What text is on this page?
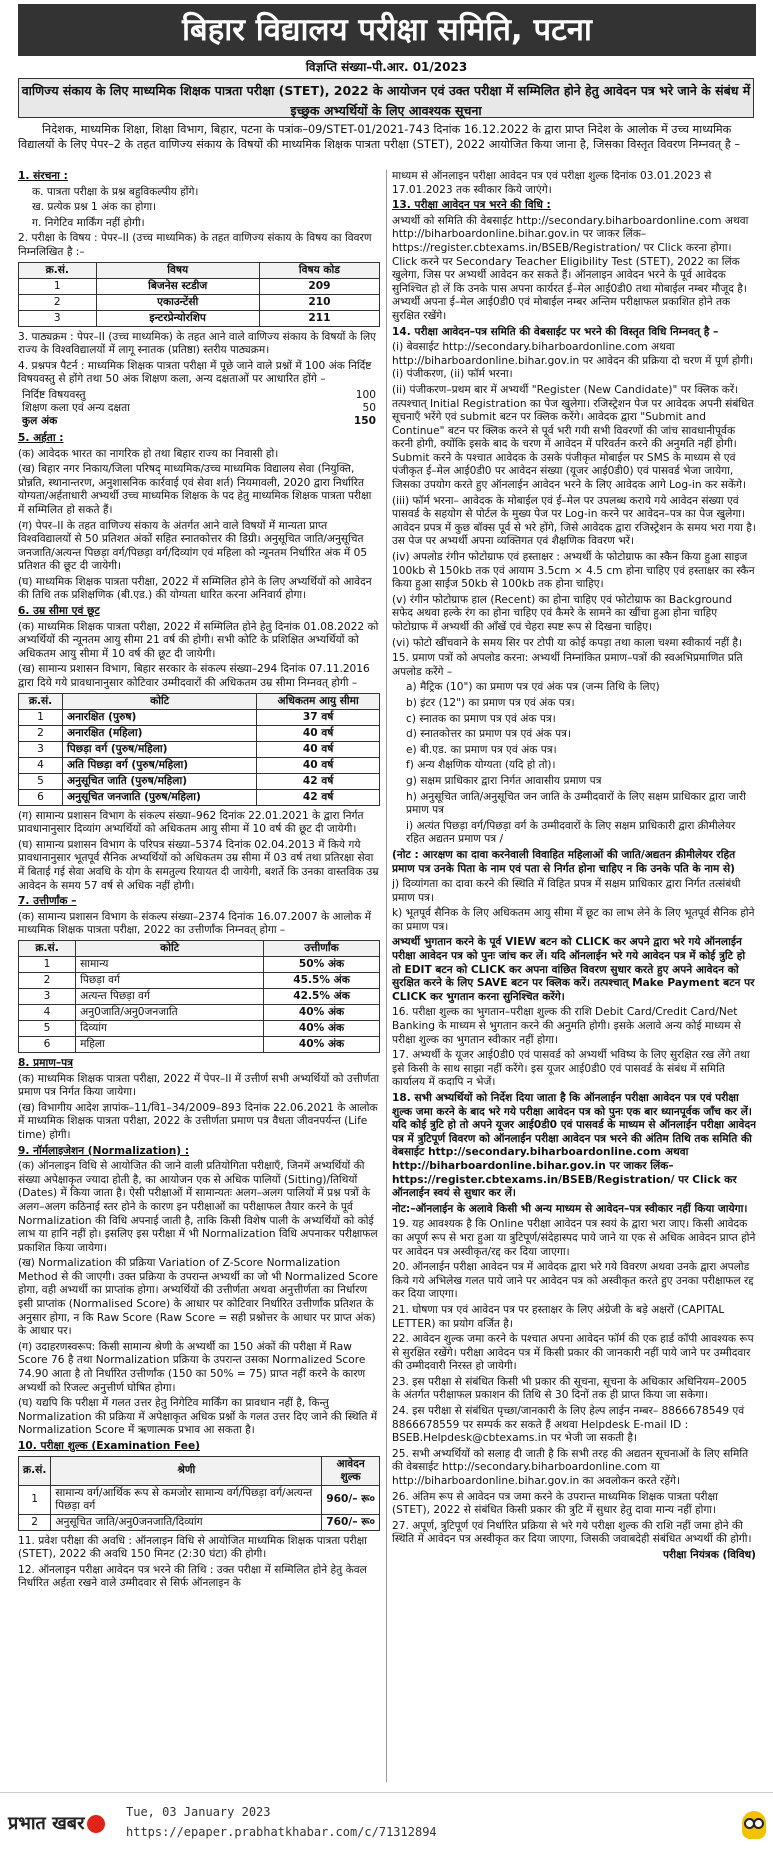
बिहार विद्यालय परीक्षा समिति, पटना
विज्ञप्ति संख्या–पी.आर. 01/2023
वाणिज्य संकाय के लिए माध्यमिक शिक्षक पात्रता परीक्षा (STET), 2022 के आयोजन एवं उक्त परीक्षा में सम्मिलित होने हेतु आवेदन पत्र भरे जाने के संबंध में इच्छुक अभ्यर्थियों के लिए आवश्यक सूचना
निदेशक, माध्यमिक शिक्षा, शिक्षा विभाग, बिहार, पटना के पत्रांक–09/STET-01/2021-743 दिनांक 16.12.2022 के द्वारा प्राप्त निदेश के आलोक में उच्च माध्यमिक विद्यालयों के लिए पेपर–2 के तहत वाणिज्य संकाय के विषयों की माध्यमिक शिक्षक पात्रता परीक्षा (STET), 2022 आयोजित किया जाना है, जिसका विस्तृत विवरण निम्नवत् है –
1. संरचना :
क. पात्रता परीक्षा के प्रश्न बहुविकल्पीय होंगे।
ख. प्रत्येक प्रश्न 1 अंक का होगा।
ग. निगेटिव मार्किंग नहीं होगी।
2. परीक्षा के विषय : पेपर–II (उच्च माध्यमिक) के तहत वाणिज्य संकाय के विषय का विवरण निम्नलिखित है :–
क्र.सं.	विषय	विषय कोड
1	बिजनेस स्टडीज	209
2	एकाउन्टेंसी	210
3	इन्टरप्रेन्योरशिप	211
3. पाठ्यक्रम : पेपर–II (उच्च माध्यमिक) के तहत आने वाले वाणिज्य संकाय के विषयों के लिए राज्य के विश्वविद्यालयों में लागू स्नातक (प्रतिष्ठा) स्तरीय पाठ्यक्रम।
4. प्रश्नपत्र पैटर्न : माध्यमिक शिक्षक पात्रता परीक्षा में पूछे जाने वाले प्रश्नों में 100 अंक निर्दिष्ट विषयवस्तु से होंगे तथा 50 अंक शिक्षण कला, अन्य दक्षताओं पर आधारित होंगे –
निर्दिष्ट विषयवस्तु	100
शिक्षण कला एवं अन्य दक्षता	50
कुल अंक	150
5. अर्हता :
(क) आवेदक भारत का नागरिक हो तथा बिहार राज्य का निवासी हो।
(ख) बिहार नगर निकाय/जिला परिषद् माध्यमिक/उच्च माध्यमिक विद्यालय सेवा (नियुक्ति, प्रोन्नति, स्थानान्तरण, अनुशासनिक कार्रवाई एवं सेवा शर्त) नियमावली, 2020 द्वारा निर्धारित योग्यता/अर्हताधारी अभ्यर्थी उच्च माध्यमिक शिक्षक के पद हेतु माध्यमिक शिक्षक पात्रता परीक्षा में सम्मिलित हो सकते हैं।
(ग) पेपर–II के तहत वाणिज्य संकाय के अंतर्गत आने वाले विषयों में मान्यता प्राप्त विश्वविद्यालयों से 50 प्रतिशत अंकों सहित स्नातकोत्तर की डिग्री। अनुसूचित जाति/अनुसूचित जनजाति/अत्यन्त पिछड़ा वर्ग/पिछड़ा वर्ग/दिव्यांग एवं महिला को न्यूनतम निर्धारित अंक में 05 प्रतिशत की छूट दी जायेगी।
(घ) माध्यमिक शिक्षक पात्रता परीक्षा, 2022 में सम्मिलित होने के लिए अभ्यर्थियों को आवेदन की तिथि तक प्रशिक्षणिक (बी.एड.) की योग्यता धारित करना अनिवार्य होगा।
6. उम्र सीमा एवं छूट
(क) माध्यमिक शिक्षक पात्रता परीक्षा, 2022 में सम्मिलित होने हेतु दिनांक 01.08.2022 को अभ्यर्थियों की न्यूनतम आयु सीमा 21 वर्ष की होगी। सभी कोटि के प्रशिक्षित अभ्यर्थियों को अधिकतम आयु सीमा में 10 वर्ष की छूट दी जायेगी।
(ख) सामान्य प्रशासन विभाग, बिहार सरकार के संकल्प संख्या–294 दिनांक 07.11.2016 द्वारा दिये गये प्रावधानानुसार कोटिवार उम्मीदवारों की अधिकतम उम्र सीमा निम्नवत् होगी –
क्र.सं.	कोटि	अधिकतम आयु सीमा
1	अनारक्षित (पुरुष)	37 वर्ष
2	अनारक्षित (महिला)	40 वर्ष
3	पिछड़ा वर्ग (पुरुष/महिला)	40 वर्ष
4	अति पिछड़ा वर्ग (पुरुष/महिला)	40 वर्ष
5	अनुसूचित जाति (पुरुष/महिला)	42 वर्ष
6	अनुसूचित जनजाति (पुरुष/महिला)	42 वर्ष
(ग) सामान्य प्रशासन विभाग के संकल्प संख्या–962 दिनांक 22.01.2021 के द्वारा निर्गत प्रावधानानुसार दिव्यांग अभ्यर्थियों को अधिकतम आयु सीमा में 10 वर्ष की छूट दी जायेगी।
(घ) सामान्य प्रशासन विभाग के परिपत्र संख्या–5374 दिनांक 02.04.2013 में किये गये प्रावधानानुसार भूतपूर्व सैनिक अभ्यर्थियों को अधिकतम उम्र सीमा में 03 वर्ष तथा प्रतिरक्षा सेवा में बिताई गई सेवा अवधि के योग के समतुल्य रियायत दी जायेगी, बशर्ते कि उनका वास्तविक उम्र आवेदन के समय 57 वर्ष से अधिक नहीं होगी।
7. उत्तीर्णांक –
(क) सामान्य प्रशासन विभाग के संकल्प संख्या–2374 दिनांक 16.07.2007 के आलोक में माध्यमिक शिक्षक पात्रता परीक्षा, 2022 का उत्तीर्णांक निम्नवत् होगा –
क्र.सं.	कोटि	उत्तीर्णांक
1	सामान्य	50% अंक
2	पिछड़ा वर्ग	45.5% अंक
3	अत्यन्त पिछड़ा वर्ग	42.5% अंक
4	अनु0जाति/अनु0जनजाति	40% अंक
5	दिव्यांग	40% अंक
6	महिला	40% अंक
8. प्रमाण–पत्र
(क) माध्यमिक शिक्षक पात्रता परीक्षा, 2022 में पेपर–II में उत्तीर्ण सभी अभ्यर्थियों को उत्तीर्णता प्रमाण पत्र निर्गत किया जायेगा।
(ख) विभागीय आदेश ज्ञापांक–11/वि1–34/2009–893 दिनांक 22.06.2021 के आलोक में माध्यमिक शिक्षक पात्रता परीक्षा, 2022 के उत्तीर्णता प्रमाण पत्र वैधता जीवनपर्यन्त (Life time) होगी।
9. नॉर्मलाइजेशन (Normalization) :
(क) ऑनलाइन विधि से आयोजित की जाने वाली प्रतियोगिता परीक्षाएँ, जिनमें अभ्यर्थियों की संख्या अपेक्षाकृत ज्यादा होती है, का आयोजन एक से अधिक पालियों (Sitting)/तिथियों (Dates) में किया जाता है। ऐसी परीक्षाओं में सामान्यतः अलग–अलग पालियों में प्रश्न पत्रों के अलग–अलग कठिनाई स्तर होने के कारण इन परीक्षाओं का परीक्षाफल तैयार करने के पूर्व Normalization की विधि अपनाई जाती है, ताकि किसी विशेष पाली के अभ्यर्थियों को कोई लाभ या हानि नहीं हो। इसलिए इस परीक्षा में भी Normalization विधि अपनाकर परीक्षाफल प्रकाशित किया जायेगा।
(ख) Normalization की प्रक्रिया Variation of Z-Score Normalization Method से की जाएगी। उक्त प्रक्रिया के उपरान्त अभ्यर्थी का जो भी Normalized Score होगा, वही अभ्यर्थी का प्राप्तांक होगा। अभ्यर्थियों की उत्तीर्णता अथवा अनुत्तीर्णता का निर्धारण इसी प्राप्तांक (Normalised Score) के आधार पर कोटिवार निर्धारित उत्तीर्णांक प्रतिशत के अनुसार होगा, न कि Raw Score (Raw Score = सही प्रश्नोत्तर के आधार पर प्राप्त अंक) के आधार पर।
(ग) उदाहरणस्वरूप: किसी सामान्य श्रेणी के अभ्यर्थी का 150 अंकों की परीक्षा में Raw Score 76 है तथा Normalization प्रक्रिया के उपरान्त उसका Normalized Score 74.90 आता है तो निर्धारित उत्तीर्णांक (150 का 50% = 75) प्राप्त नहीं करने के कारण अभ्यर्थी को रिजल्ट अनुत्तीर्ण घोषित होगा।
(घ) यद्यपि कि परीक्षा में गलत उत्तर हेतु निगेटिव मार्किंग का प्रावधान नहीं है, किन्तु Normalization की प्रक्रिया में अपेक्षाकृत अधिक प्रश्नों के गलत उत्तर दिए जाने की स्थिति में Normalization Score में ऋणात्मक प्रभाव आ सकता है।
10. परीक्षा शुल्क (Examination Fee)
क्र.सं.	श्रेणी	आवेदन शुल्क
1	सामान्य वर्ग/आर्थिक रूप से कमजोर सामान्य वर्ग/पिछड़ा वर्ग/अत्यन्त पिछड़ा वर्ग	960/– रू०
2	अनुसूचित जाति/अनु0जनजाति/दिव्यांग	760/– रू०
11. प्रवेश परीक्षा की अवधि : ऑनलाइन विधि से आयोजित माध्यमिक शिक्षक पात्रता परीक्षा (STET), 2022 की अवधि 150 मिनट (2:30 घंटा) की होगी।
12. ऑनलाइन परीक्षा आवेदन पत्र भरने की तिथि : उक्त परीक्षा में सम्मिलित होने हेतु केवल निर्धारित अर्हता रखने वाले उम्मीदवार से सिर्फ ऑनलाइन के
माध्यम से ऑनलाइन परीक्षा आवेदन पत्र एवं परीक्षा शुल्क दिनांक 03.01.2023 से 17.01.2023 तक स्वीकार किये जाएंगे।
13. परीक्षा आवेदन पत्र भरने की विधि :
अभ्यर्थी को समिति की वेबसाईट http://secondary.biharboardonline.com अथवा http://biharboardonline.bihar.gov.in पर जाकर लिंक– https://register.cbtexams.in/BSEB/Registration/ पर Click करना होगा। Click करने पर Secondary Teacher Eligibility Test (STET), 2022 का लिंक खुलेगा, जिस पर अभ्यर्थी आवेदन कर सकते हैं। ऑनलाइन आवेदन भरने के पूर्व आवेदक सुनिश्चित हो लें कि उनके पास अपना कार्यरत ई–मेल आई0डी0 तथा मोबाईल नम्बर मौजूद है। अभ्यर्थी अपना ई–मेल आई0डी0 एवं मोबाईल नम्बर अन्तिम परीक्षाफल प्रकाशित होने तक सुरक्षित रखेंगे।
14. परीक्षा आवेदन–पत्र समिति की वेबसाईट पर भरने की विस्तृत विधि निम्नवत् है –
(i) बेवसाईट http://secondary.biharboardonline.com अथवा http://biharboardonline.bihar.gov.in पर आवेदन की प्रक्रिया दो चरण में पूर्ण होगी। (i) पंजीकरण, (ii) फॉर्म भरना।
(ii) पंजीकरण–प्रथम बार में अभ्यर्थी "Register (New Candidate)" पर क्लिक करें। तत्पश्चात् Initial Registration का पेज खुलेगा। रजिस्ट्रेशन पेज पर आवेदक अपनी संबंधित सूचनाएँ भरेंगे एवं submit बटन पर क्लिक करेंगे। आवेदक द्वारा "Submit and Continue" बटन पर क्लिक करने से पूर्व भरी गयी सभी विवरणों की जांच सावधानीपूर्वक करनी होगी, क्योंकि इसके बाद के चरण में आवेदन में परिवर्तन करने की अनुमति नहीं होगी। Submit करने के पश्चात आवेदक के उसके पंजीकृत मोबाईल पर SMS के माध्यम से एवं पंजीकृत ई–मेल आई0डी0 पर आवेदन संख्या (यूजर आई0डी0) एवं पासवर्ड भेजा जायेगा, जिसका उपयोग करते हुए ऑनलाईन आवेदन भरने के लिए आवेदक आगे Log-in कर सकेंगे।
(iii) फॉर्म भरना– आवेदक के मोबाईल एवं ई–मेल पर उपलब्ध कराये गये आवेदन संख्या एवं पासवर्ड के सहयोग से पोर्टल के मुख्य पेज पर Log-in करने पर आवेदन–पत्र का पेज खुलेगा। आवेदन प्रपत्र में कुछ बॉक्स पूर्व से भरे होंगे, जिसे आवेदक द्वारा रजिस्ट्रेशन के समय भरा गया है। उस पेज पर अभ्यर्थी अपना व्यक्तिगत एवं शैक्षणिक विवरण भरें।
(iv) अपलोड रंगीन फोटोग्राफ एवं हस्ताक्षर : अभ्यर्थी के फोटोग्राफ का स्कैन किया हुआ साइज 100kb से 150kb तक एवं आयाम 3.5cm × 4.5 cm होना चाहिए एवं हस्ताक्षर का स्कैन किया हुआ साईज 50kb से 100kb तक होना चाहिए।
(v) रंगीन फोटोग्राफ हाल (Recent) का होना चाहिए एवं फोटोग्राफ का Background सफेद अथवा हल्के रंग का होना चाहिए एवं कैमरे के सामने का खींचा हुआ होना चाहिए फोटोग्राफ में अभ्यर्थी की आँखें एवं चेहरा स्पष्ट रूप से दिखना चाहिए।
(vi) फोटो खींचवाने के समय सिर पर टोपी या कोई कपड़ा तथा काला चश्मा स्वीकार्य नहीं है।
15. प्रमाण पत्रों को अपलोड करना: अभ्यर्थी निम्नांकित प्रमाण–पत्रों की स्वअभिप्रमाणित प्रति अपलोड करेंगे –
a) मैट्रिक (10") का प्रमाण पत्र एवं अंक पत्र (जन्म तिथि के लिए)
b) इंटर (12") का प्रमाण पत्र एवं अंक पत्र।
c) स्नातक का प्रमाण पत्र एवं अंक पत्र।
d) स्नातकोत्तर का प्रमाण पत्र एवं अंक पत्र।
e) बी.एड. का प्रमाण पत्र एवं अंक पत्र।
f) अन्य शैक्षणिक योग्यता (यदि हो तो)।
g) सक्षम प्राधिकार द्वारा निर्गत आवासीय प्रमाण पत्र
h) अनुसूचित जाति/अनुसूचित जन जाति के उम्मीदवारों के लिए सक्षम प्राधिकार द्वारा जारी प्रमाण पत्र
i) अत्यंत पिछड़ा वर्ग/पिछड़ा वर्ग के उम्मीदवारों के लिए सक्षम प्राधिकारी द्वारा क्रीमीलेयर रहित अद्यतन प्रमाण पत्र /
(नोट : आरक्षण का दावा करनेवाली विवाहित महिलाओं की जाति/अद्यतन क्रीमीलेयर रहित प्रमाण पत्र उनके पिता के नाम एवं पता से निर्गत होना चाहिए न कि उनके पति के नाम से)
j) दिव्यांगता का दावा करने की स्थिति में विहित प्रपत्र में सक्षम प्राधिकार द्वारा निर्गत तत्संबंधी प्रमाण पत्र।
k) भूतपूर्व सैनिक के लिए अधिकतम आयु सीमा में छूट का लाभ लेने के लिए भूतपूर्व सैनिक होने का प्रमाण पत्र।
अभ्यर्थी भुगतान करने के पूर्व VIEW बटन को CLICK कर अपने द्वारा भरे गये ऑनलाईन परीक्षा आवेदन पत्र को पुनः जांच कर लें। यदि ऑनलाईन भरे गये आवेदन पत्र में कोई त्रुटि हो तो EDIT बटन को CLICK कर अपना वांछित विवरण सुधार करते हुए अपने आवेदन को सुरक्षित करने के लिए SAVE बटन पर क्लिक करें। तत्पश्चात् Make Payment बटन पर CLICK कर भुगतान करना सुनिश्चित करेंगे।
16. परीक्षा शुल्क का भुगतान–परीक्षा शुल्क की राशि Debit Card/Credit Card/Net Banking के माध्यम से भुगतान करने की अनुमति होगी। इसके अलावे अन्य कोई माध्यम से परीक्षा शुल्क का भुगतान स्वीकार नहीं होगा।
17. अभ्यर्थी के यूजर आई0डी0 एवं पासवर्ड को अभ्यर्थी भविष्य के लिए सुरक्षित रख लेंगे तथा इसे किसी के साथ साझा नहीं करेंगे। इस यूजर आई0डी0 एवं पासवर्ड के संबंध में समिति कार्यालय में कदापि न भेजें।
18. सभी अभ्यर्थियों को निर्देश दिया जाता है कि ऑनलाईन परीक्षा आवेदन पत्र एवं परीक्षा शुल्क जमा करने के बाद भरे गये परीक्षा आवेदन पत्र को पुनः एक बार ध्यानपूर्वक जाँच कर लें। यदि कोई त्रुटि हो तो अपने यूजर आई0डी0 एवं पासवर्ड के माध्यम से ऑनलाईन परीक्षा आवेदन पत्र में त्रुटिपूर्ण विवरण को ऑनलाईन परीक्षा आवेदन पत्र भरने की अंतिम तिथि तक समिति की वेबसाईट http://secondary.biharboardonline.com अथवा http://biharboardonline.bihar.gov.in पर जाकर लिंक– https://register.cbtexams.in/BSEB/Registration/ पर Click कर ऑनलाईन स्वयं से सुधार कर लें।
नोट:–ऑनलाईन के अलावे किसी भी अन्य माध्यम से आवेदन–पत्र स्वीकार नहीं किया जायेगा।
19. यह आवश्यक है कि Online परीक्षा आवेदन पत्र स्वयं के द्वारा भरा जाए। किसी आवेदक का अपूर्ण रूप से भरा हुआ या त्रुटिपूर्ण/संदेहास्पद पाये जाने या एक से अधिक आवेदन प्राप्त होने पर आवेदन पत्र अस्वीकृत/रद्द कर दिया जाएगा।
20. ऑनलाईन परीक्षा आवेदन पत्र में आवेदक द्वारा भरे गये विवरण अथवा उनके द्वारा अपलोड किये गये अभिलेख गलत पाये जाने पर आवेदन पत्र को अस्वीकृत करते हुए उनका परीक्षाफल रद्द कर दिया जाएगा।
21. घोषणा पत्र एवं आवेदन पत्र पर हस्ताक्षर के लिए अंग्रेजी के बड़े अक्षरों (CAPITAL LETTER) का प्रयोग वर्जित है।
22. आवेदन शुल्क जमा करने के पश्चात अपना आवेदन फॉर्म की एक हार्ड कॉपी आवश्यक रूप से सुरक्षित रखेंगे। परीक्षा आवेदन पत्र में किसी प्रकार की जानकारी नहीं पाये जाने पर उम्मीदवार की उम्मीदवारी निरस्त हो जायेगी।
23. इस परीक्षा से संबंधित किसी भी प्रकार की सूचना, सूचना के अधिकार अधिनियम–2005 के अंतर्गत परीक्षाफल प्रकाशन की तिथि से 30 दिनों तक ही प्राप्त किया जा सकेगा।
24. इस परीक्षा से संबंधित पृच्छा/जानकारी के लिए हेल्प लाईन नम्बर– 8866678549 एवं 8866678559 पर सम्पर्क कर सकते हैं अथवा Helpdesk E-mail ID : BSEB.Helpdesk@cbtexams.in पर भेजी जा सकती है।
25. सभी अभ्यर्थियों को सलाह दी जाती है कि सभी तरह की अद्यतन सूचनाओं के लिए समिति की वेबसाईट http://secondary.biharboardonline.com या http://biharboardonline.bihar.gov.in का अवलोकन करते रहेंगे।
26. अंतिम रूप से आवेदन पत्र जमा करने के उपरान्त माध्यमिक शिक्षक पात्रता परीक्षा (STET), 2022 से संबंधित किसी प्रकार की त्रुटि में सुधार हेतु दावा मान्य नहीं होगा।
27. अपूर्ण, त्रुटिपूर्ण एवं निर्धारित प्रक्रिया से भरे गये परीक्षा शुल्क की राशि नहीं जमा होने की स्थिति में आवेदन पत्र अस्वीकृत कर दिया जाएगा, जिसकी जवाबदेही संबंधित अभ्यर्थी की होगी।
परीक्षा नियंत्रक (विविध)
प्रभात खबर
Tue, 03 January 2023
https://epaper.prabhatkhabar.com/c/71312894
